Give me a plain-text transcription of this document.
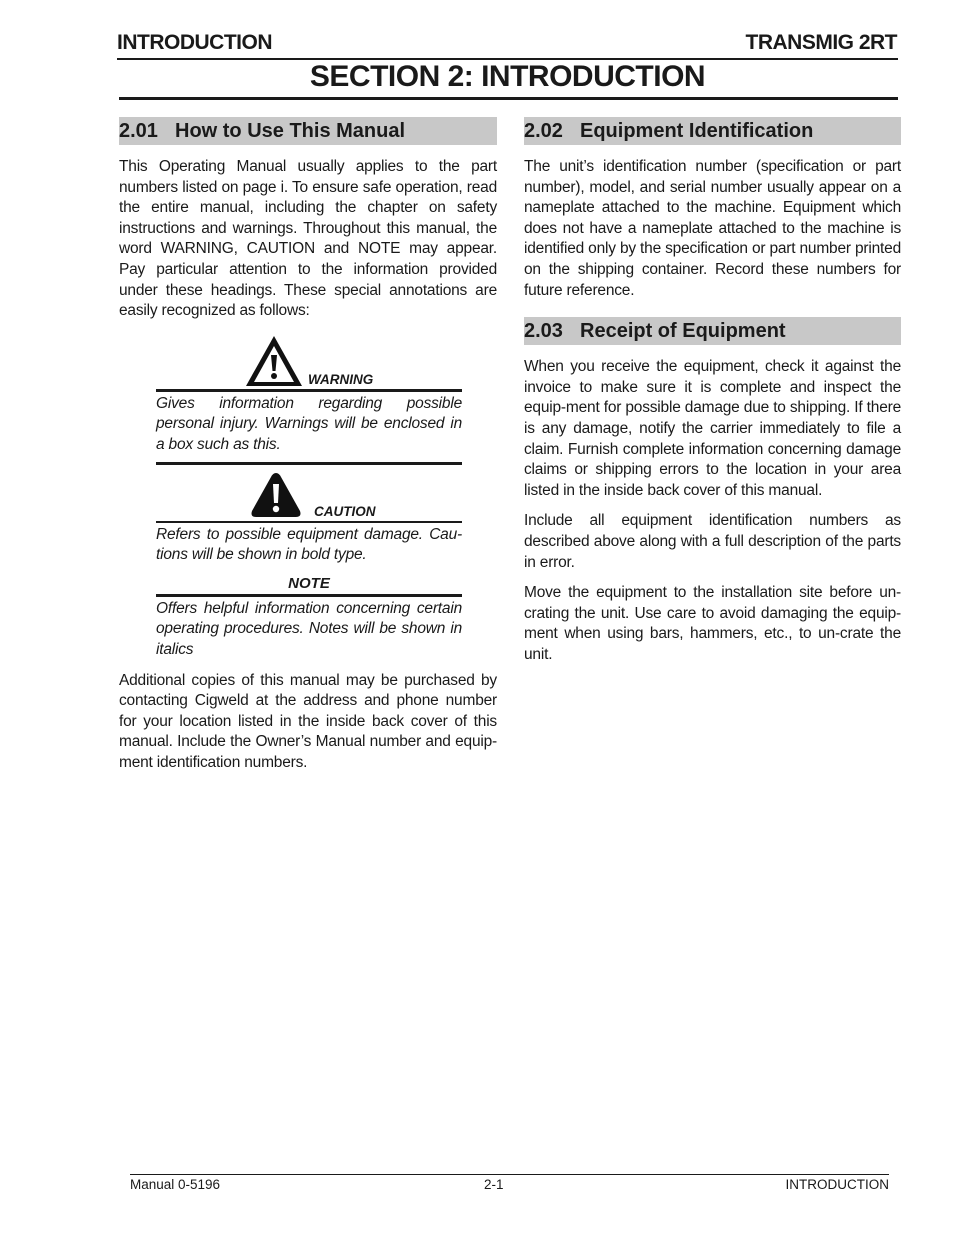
INTRODUCTION	TRANSMIG 2RT
SECTION 2: INTRODUCTION
2.01 How to Use This Manual

This Operating Manual usually applies to the part numbers listed on page i. To ensure safe operation, read the entire manual, including the chapter on safety instructions and warnings. Throughout this manual, the word WARNING, CAUTION and NOTE may appear. Pay particular attention to the information provided under these headings. These special annotations are easily recognized as follows:

WARNING

Gives information regarding possible personal injury. Warnings will be enclosed in a box such as this.

CAUTION

Refers to possible equipment damage. Cau-tions will be shown in bold type.

NOTE

Offers helpful information concerning certain operating procedures. Notes will be shown in italics

Additional copies of this manual may be purchased by contacting Cigweld at the address and phone number for your location listed in the inside back cover of this manual. Include the Owner’s Manual number and equip-ment identification numbers.

2.02 Equipment Identification

The unit’s identification number (specification or part number), model, and serial number usually appear on a nameplate attached to the machine. Equipment which does not have a nameplate attached to the machine is identified only by the specification or part number printed on the shipping container. Record these numbers for future reference.

2.03 Receipt of Equipment

When you receive the equipment, check it against the invoice to make sure it is complete and inspect the equip-ment for possible damage due to shipping. If there is any damage, notify the carrier immediately to file a claim. Furnish complete information concerning damage claims or shipping errors to the location in your area listed in the inside back cover of this manual.

Include all equipment identification numbers as described above along with a full description of the parts in error.

Move the equipment to the installation site before un-crating the unit. Use care to avoid damaging the equip-ment when using bars, hammers, etc., to un-crate the unit.

Manual 0-5196	2-1	INTRODUCTION
